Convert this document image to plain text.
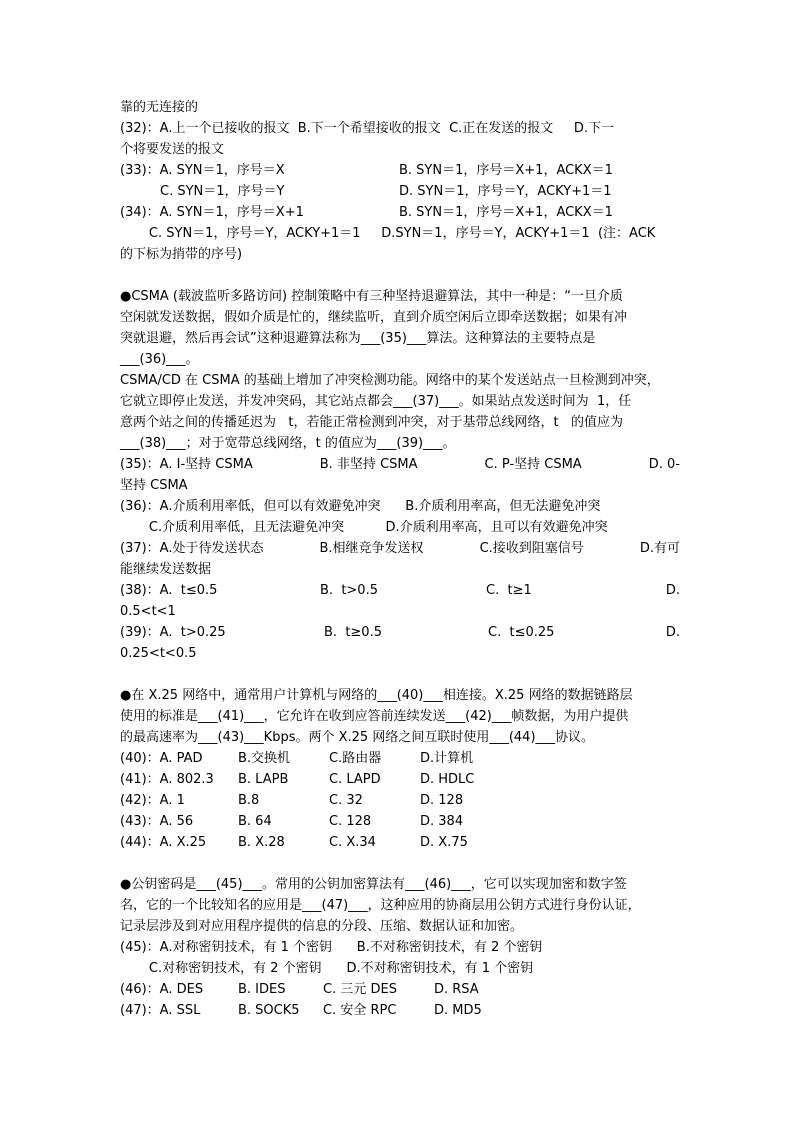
靠的无连接的
(32)：A.上一个已接收的报文  B.下一个希望接收的报文  C.正在发送的报文     D.下一
个将要发送的报文

(33)：A. SYN＝1，序号＝X

	B. SYN＝1，序号＝X+1，ACKX＝1

C. SYN＝1，序号＝Y

	D. SYN＝1，序号＝Y，ACKY+1＝1

(34)：A. SYN＝1，序号＝X+1

	B. SYN＝1，序号＝X+1，ACKX＝1

C. SYN＝1，序号＝Y，ACKY+1＝1     D.SYN＝1，序号＝Y，ACKY+1＝1  (注：ACK
的下标为捎带的序号)
●CSMA (载波监听多路访问) 控制策略中有三种坚持退避算法，其中一种是：“一旦介质
空闲就发送数据，假如介质是忙的，继续监听，直到介质空闲后立即牵送数据；如果有冲
突就退避，然后再会试”这种退避算法称为___(35)___算法。这种算法的主要特点是
___(36)___。
CSMA/CD 在 CSMA 的基础上增加了冲突检测功能。网络中的某个发送站点一旦检测到冲突，
它就立即停止发送，并发冲突码，其它站点都会___(37)___。如果站点发送时间为  1，任
意两个站之间的传播延迟为   t，若能正常检测到冲突，对于基带总线网络，t   的值应为
___(38)___；对于宽带总线网络，t 的值应为___(39)___。
(35)：A. I-坚持 CSMA	B. 非坚持 CSMA	C. P-坚持 CSMA	D. 0-
坚持 CSMA
(36)：A.介质利用率低，但可以有效避免冲突      B.介质利用率高，但无法避免冲突
C.介质利用率低，且无法避免冲突          D.介质利用率高，且可以有效避免冲突
(37)：A.处于待发送状态	B.相继竞争发送权	C.接收到阻塞信号	D.有可
能继续发送数据

(38)：A.  t≤0.5

	B.  t>0.5

	C.  t≥1

	D.

0.5<t<1

(39)：A.  t>0.25

	B.  t≥0.5

	C.  t≤0.25

	D.

0.25<t<0.5
●在 X.25 网络中，通常用户计算机与网络的___(40)___相连接。X.25 网络的数据链路层
使用的标准是___(41)___，它允许在收到应答前连续发送___(42)___帧数据，为用户提供
的最高速率为___(43)___Kbps。两个 X.25 网络之间互联时使用___(44)___协议。

(40)：A. PAD

	B.交换机

	C.路由器

	D.计算机

(41)：A. 802.3

B. LAPB

	C. LAPD

	D. HDLC

(42)：A. 1

	B.8

	C. 32

	D. 128

(43)：A. 56

	B. 64

	C. 128

	D. 384

(44)：A. X.25

B. X.28

	C. X.34

	D. X.75

●公钥密码是___(45)___。常用的公钥加密算法有___(46)___，它可以实现加密和数字签
名，它的一个比较知名的应用是___(47)___，这种应用的协商层用公钥方式进行身份认证，
记录层涉及到对应用程序提供的信息的分段、压缩、数据认证和加密。
(45)：A.对称密钥技术，有 1 个密钥      B.不对称密钥技术，有 2 个密钥
C.对称密钥技术，有 2 个密钥      D.不对称密钥技术，有 1 个密钥

(46)：A. DES

	B. IDES

	C. 三元 DES

	D. RSA

(47)：A. SSL

	B. SOCK5

C. 安全 RPC

	D. MD5
